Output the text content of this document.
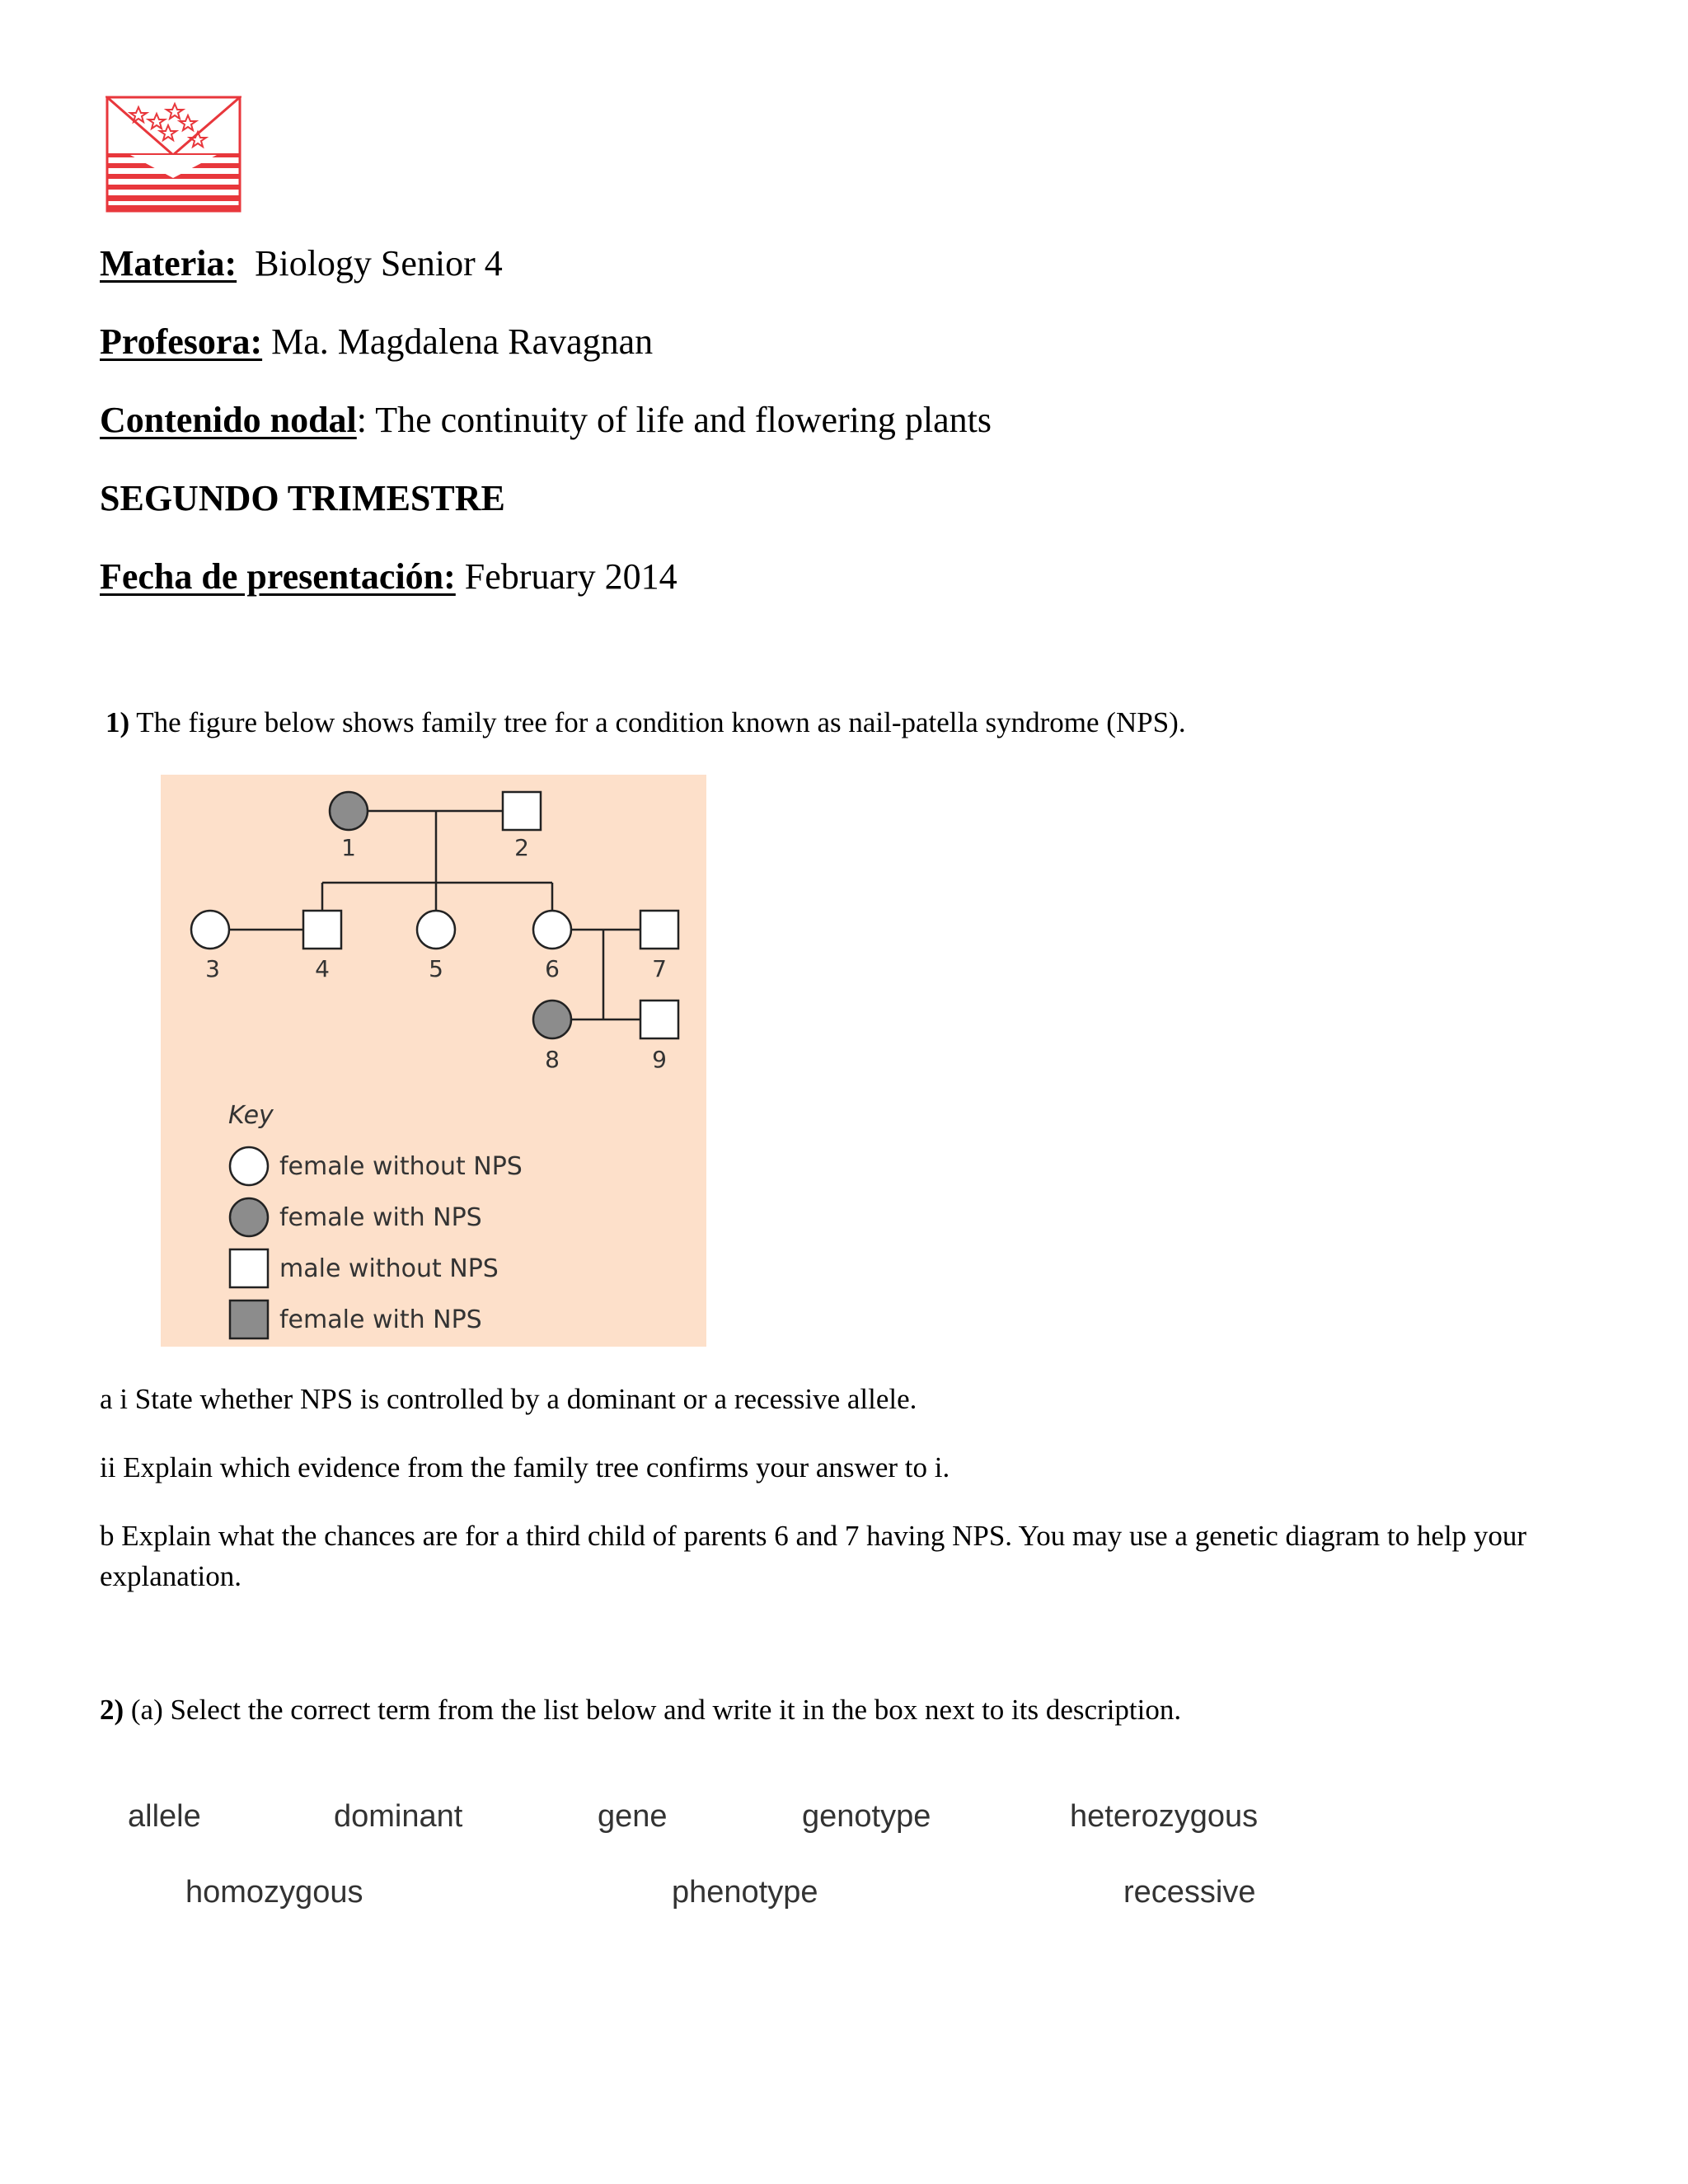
Materia: Biology Senior 4
Profesora: Ma. Magdalena Ravagnan
Contenido nodal: The continuity of life and flowering plants
SEGUNDO TRIMESTRE
Fecha de presentación: February 2014
1) The figure below shows family tree for a condition known as nail-patella syndrome (NPS).
1	2
3	4	5	6	7
8	9
Key
female without NPS
female with NPS
male without NPS
female with NPS
a i State whether NPS is controlled by a dominant or a recessive allele.
ii Explain which evidence from the family tree confirms your answer to i.
b Explain what the chances are for a third child of parents 6 and 7 having NPS. You may use a genetic diagram to help your explanation.
2) (a) Select the correct term from the list below and write it in the box next to its description.
allele	dominant	gene	genotype	heterozygous
homozygous	phenotype	recessive
